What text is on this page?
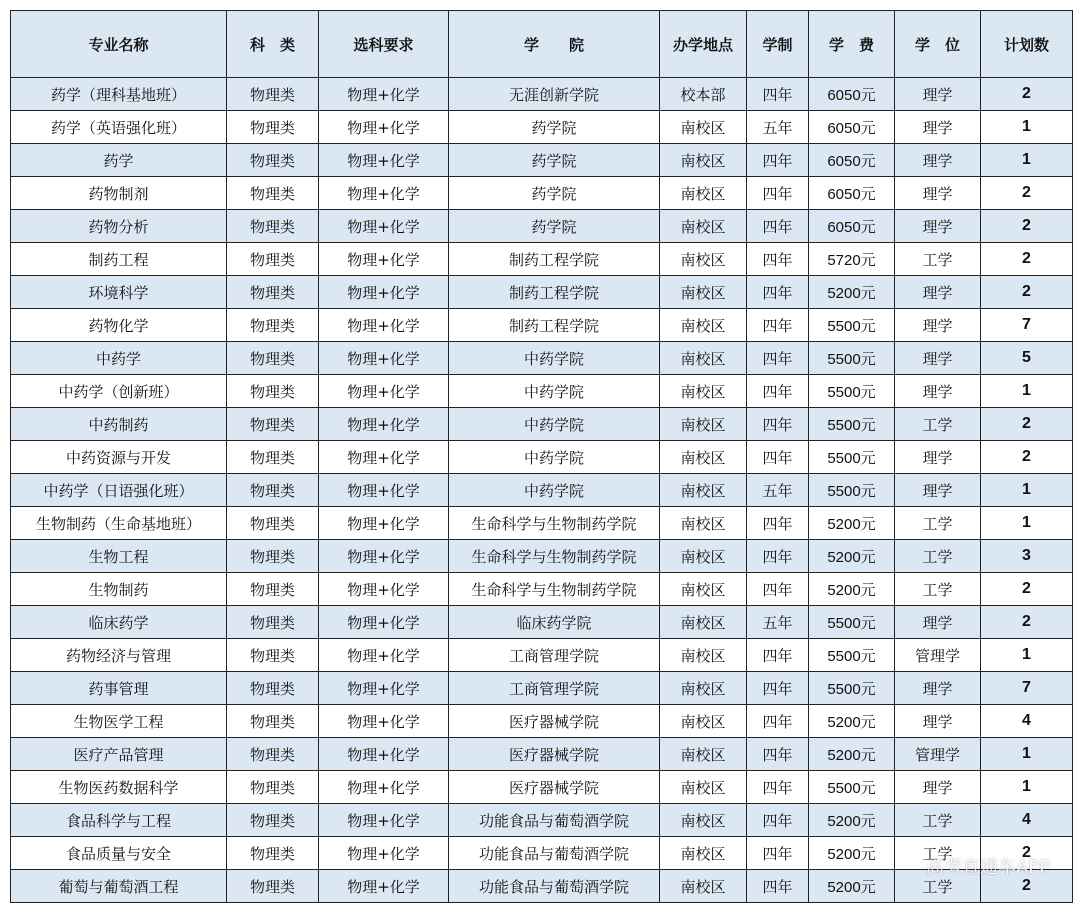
专业名称	科　类	选科要求	学　　院	办学地点	学制	学　费	学　位	计划数
药学（理科基地班）	物理类	物理+化学	无涯创新学院	校本部	四年	6050元	理学	2
药学（英语强化班）	物理类	物理+化学	药学院	南校区	五年	6050元	理学	1
药学	物理类	物理+化学	药学院	南校区	四年	6050元	理学	1
药物制剂	物理类	物理+化学	药学院	南校区	四年	6050元	理学	2
药物分析	物理类	物理+化学	药学院	南校区	四年	6050元	理学	2
制药工程	物理类	物理+化学	制药工程学院	南校区	四年	5720元	工学	2
环境科学	物理类	物理+化学	制药工程学院	南校区	四年	5200元	理学	2
药物化学	物理类	物理+化学	制药工程学院	南校区	四年	5500元	理学	7
中药学	物理类	物理+化学	中药学院	南校区	四年	5500元	理学	5
中药学（创新班）	物理类	物理+化学	中药学院	南校区	四年	5500元	理学	1
中药制药	物理类	物理+化学	中药学院	南校区	四年	5500元	工学	2
中药资源与开发	物理类	物理+化学	中药学院	南校区	四年	5500元	理学	2
中药学（日语强化班）	物理类	物理+化学	中药学院	南校区	五年	5500元	理学	1
生物制药（生命基地班）	物理类	物理+化学	生命科学与生物制药学院	南校区	四年	5200元	工学	1
生物工程	物理类	物理+化学	生命科学与生物制药学院	南校区	四年	5200元	工学	3
生物制药	物理类	物理+化学	生命科学与生物制药学院	南校区	四年	5200元	工学	2
临床药学	物理类	物理+化学	临床药学院	南校区	五年	5500元	理学	2
药物经济与管理	物理类	物理+化学	工商管理学院	南校区	四年	5500元	管理学	1
药事管理	物理类	物理+化学	工商管理学院	南校区	四年	5500元	理学	7
生物医学工程	物理类	物理+化学	医疗器械学院	南校区	四年	5200元	理学	4
医疗产品管理	物理类	物理+化学	医疗器械学院	南校区	四年	5200元	管理学	1
生物医药数据科学	物理类	物理+化学	医疗器械学院	南校区	四年	5500元	理学	1
食品科学与工程	物理类	物理+化学	功能食品与葡萄酒学院	南校区	四年	5200元	工学	4
食品质量与安全	物理类	物理+化学	功能食品与葡萄酒学院	南校区	四年	5200元	工学	2
葡萄与葡萄酒工程	物理类	物理+化学	功能食品与葡萄酒学院	南校区	四年	5200元	工学	2
高考直通车APP
